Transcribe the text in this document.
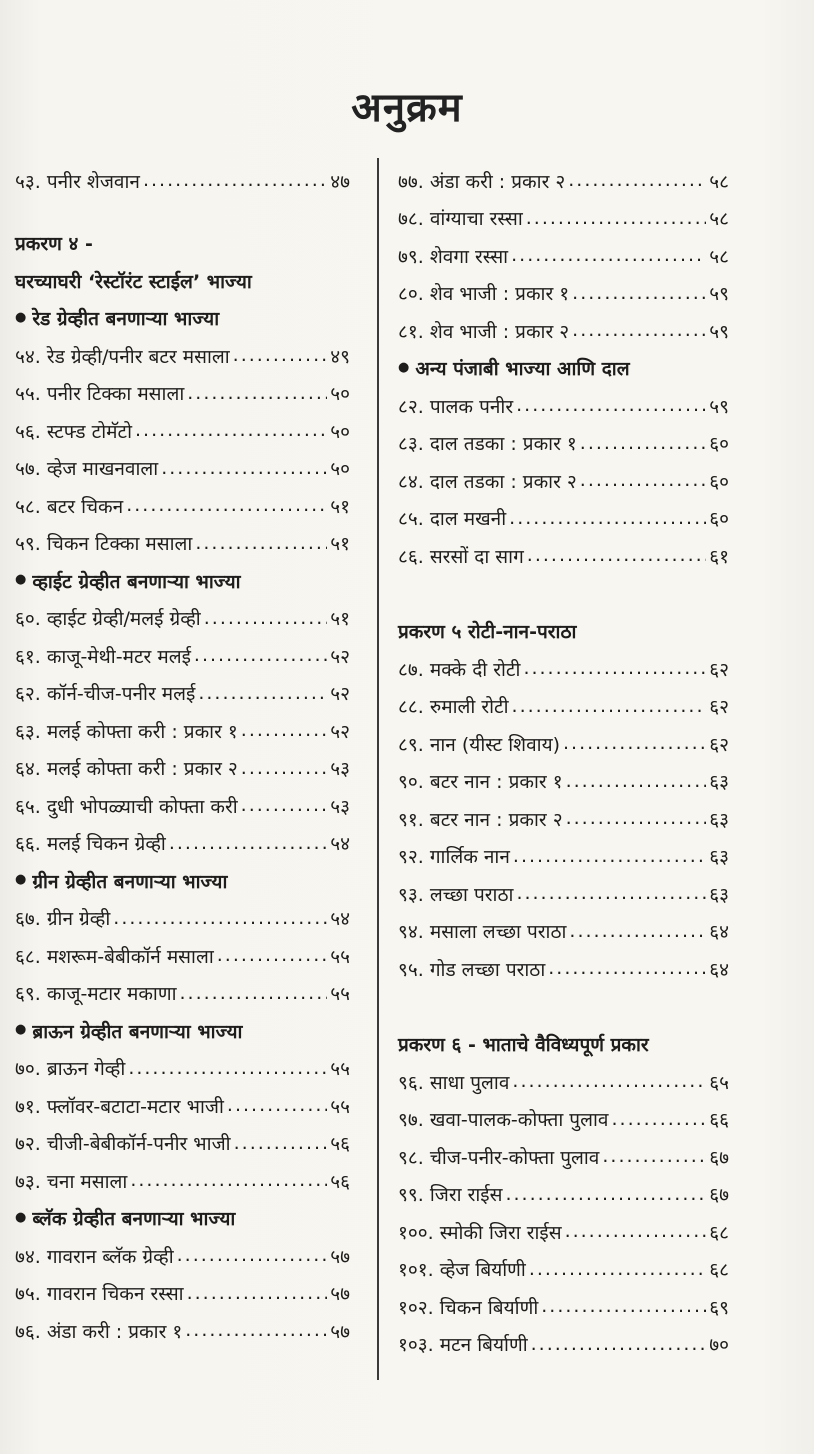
अनुक्रम
५३. पनीर शेजवान .....	४७
प्रकरण ४ -
घरच्याघरी ‘रेस्टॉरंट स्टाईल’ भाज्या
● रेड ग्रेव्हीत बनणाऱ्या भाज्या
५४. रेड ग्रेव्ही/पनीर बटर मसाला .....	४९
५५. पनीर टिक्का मसाला .....	५०
५६. स्टफ्ड टोमॅटो .....	५०
५७. व्हेज माखनवाला .....	५०
५८. बटर चिकन .....	५१
५९. चिकन टिक्का मसाला .....	५१
● व्हाईट ग्रेव्हीत बनणाऱ्या भाज्या
६०. व्हाईट ग्रेव्ही/मलई ग्रेव्ही .....	५१
६१. काजू-मेथी-मटर मलई .....	५२
६२. कॉर्न-चीज-पनीर मलई .....	५२
६३. मलई कोफ्ता करी : प्रकार १ .....	५२
६४. मलई कोफ्ता करी : प्रकार २ .....	५३
६५. दुधी भोपळ्याची कोफ्ता करी .....	५३
६६. मलई चिकन ग्रेव्ही .....	५४
● ग्रीन ग्रेव्हीत बनणाऱ्या भाज्या
६७. ग्रीन ग्रेव्ही .....	५४
६८. मशरूम-बेबीकॉर्न मसाला .....	५५
६९. काजू-मटार मकाणा .....	५५
● ब्राऊन ग्रेव्हीत बनणाऱ्या भाज्या
७०. ब्राऊन गेव्ही .....	५५
७१. फ्लॉवर-बटाटा-मटार भाजी .....	५५
७२. चीजी-बेबीकॉर्न-पनीर भाजी .....	५६
७३. चना मसाला .....	५६
● ब्लॅक ग्रेव्हीत बनणाऱ्या भाज्या
७४. गावरान ब्लॅक ग्रेव्ही .....	५७
७५. गावरान चिकन रस्सा .....	५७
७६. अंडा करी : प्रकार १ .....	५७
७७. अंडा करी : प्रकार २ .....	५८
७८. वांग्याचा रस्सा .....	५८
७९. शेवगा रस्सा .....	५८
८०. शेव भाजी : प्रकार १ .....	५९
८१. शेव भाजी : प्रकार २ .....	५९
● अन्य पंजाबी भाज्या आणि दाल
८२. पालक पनीर .....	५९
८३. दाल तडका : प्रकार १ .....	६०
८४. दाल तडका : प्रकार २ .....	६०
८५. दाल मखनी .....	६०
८६. सरसों दा साग .....	६१
प्रकरण ५ रोटी-नान-पराठा
८७. मक्के दी रोटी .....	६२
८८. रुमाली रोटी .....	६२
८९. नान (यीस्ट शिवाय) .....	६२
९०. बटर नान : प्रकार १ .....	६३
९१. बटर नान : प्रकार २ .....	६३
९२. गार्लिक नान .....	६३
९३. लच्छा पराठा .....	६३
९४. मसाला लच्छा पराठा .....	६४
९५. गोड लच्छा पराठा .....	६४
प्रकरण ६ - भाताचे वैविध्यपूर्ण प्रकार
९६. साधा पुलाव .....	६५
९७. खवा-पालक-कोफ्ता पुलाव .....	६६
९८. चीज-पनीर-कोफ्ता पुलाव .....	६७
९९. जिरा राईस .....	६७
१००. स्मोकी जिरा राईस .....	६८
१०१. व्हेज बिर्याणी .....	६८
१०२. चिकन बिर्याणी .....	६९
१०३. मटन बिर्याणी .....	७०
